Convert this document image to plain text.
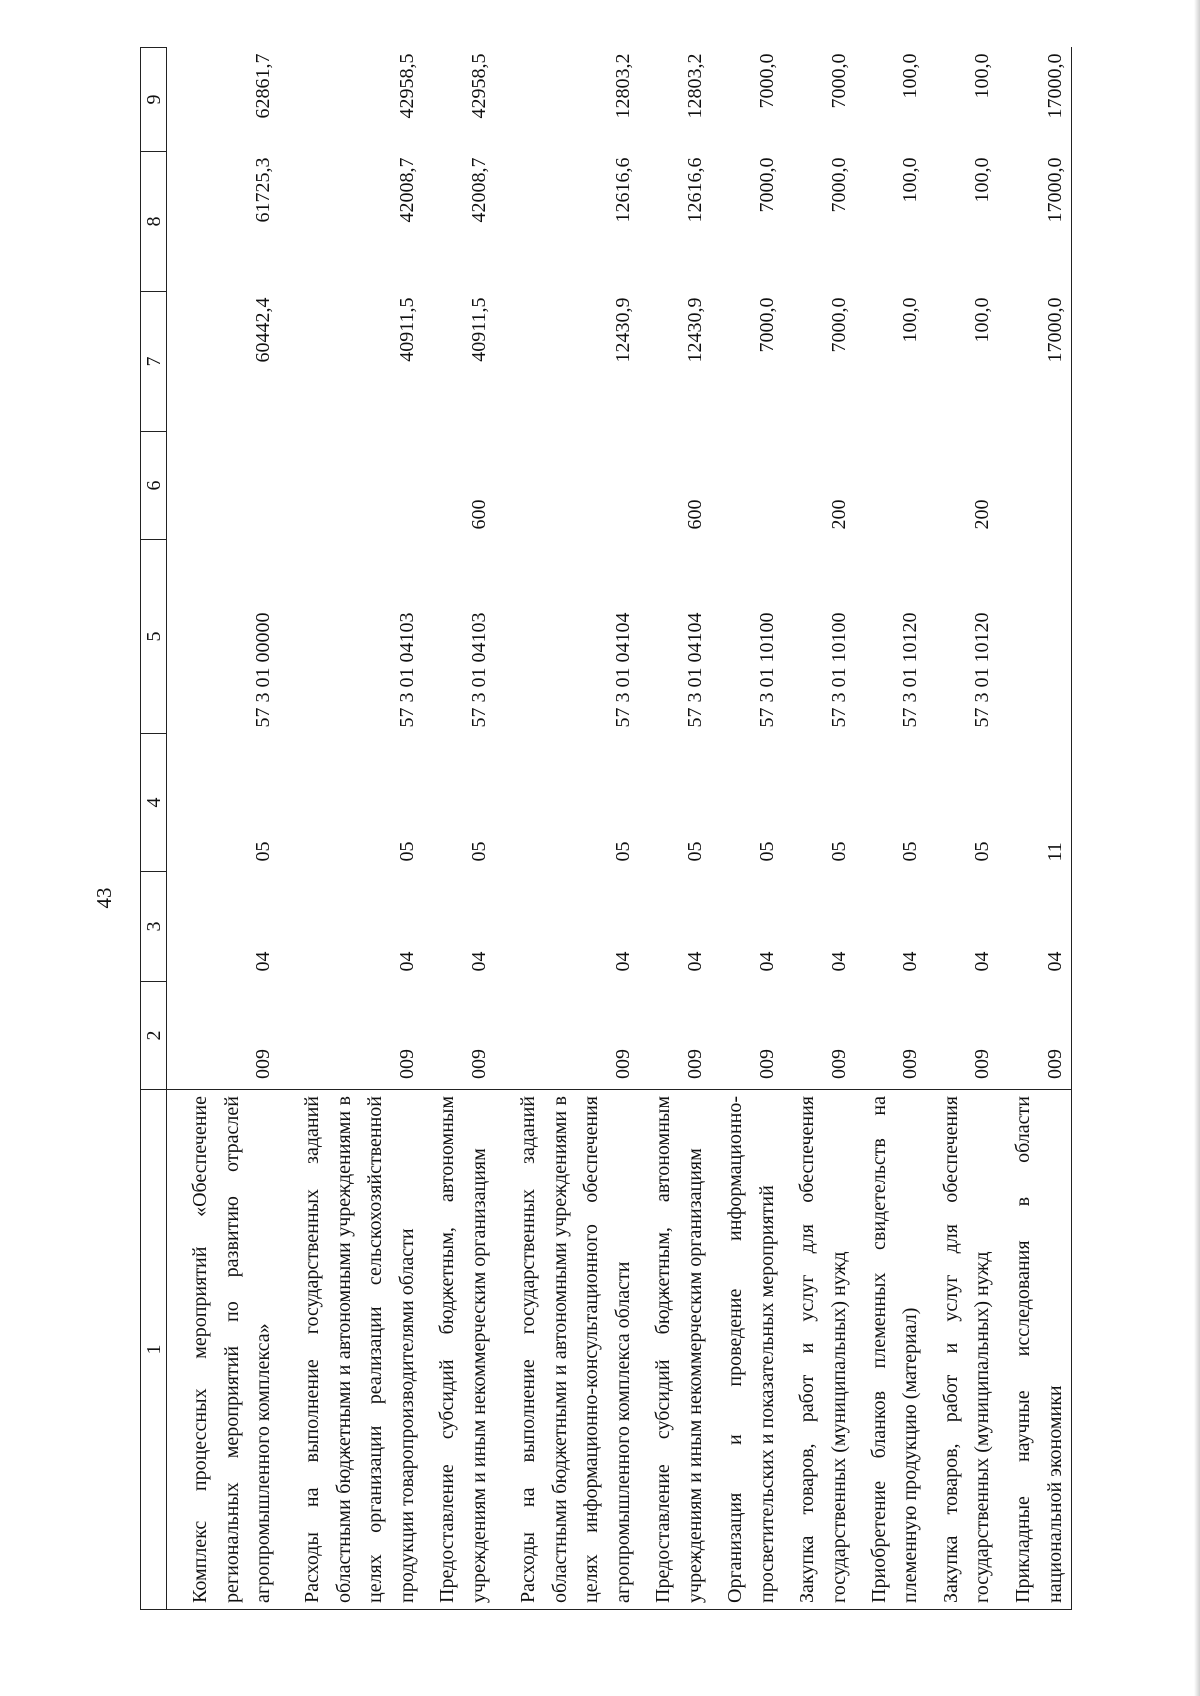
43
1	2	3	4	5	6	7	8	9
Комплекс процессных мероприятий «Обеспечение региональных мероприятий по развитию отраслей агропромышленного комплекса»	009	04	05	57 3 01 00000		60442,4	61725,3	62861,7
Расходы на выполнение государственных заданий областными бюджетными и автономными учреждениями в целях организации реализации сельскохозяйственной продукции товаропроизводителями области	009	04	05	57 3 01 04103		40911,5	42008,7	42958,5
Предоставление субсидий бюджетным, автономным учреждениям и иным некоммерческим организациям	009	04	05	57 3 01 04103	600	40911,5	42008,7	42958,5
Расходы на выполнение государственных заданий областными бюджетными и автономными учреждениями в целях информационно-консультационного обеспечения агропромышленного комплекса области	009	04	05	57 3 01 04104		12430,9	12616,6	12803,2
Предоставление субсидий бюджетным, автономным учреждениям и иным некоммерческим организациям	009	04	05	57 3 01 04104	600	12430,9	12616,6	12803,2
Организация и проведение информационно-просветительских и показательных мероприятий	009	04	05	57 3 01 10100		7000,0	7000,0	7000,0
Закупка товаров, работ и услуг для обеспечения государственных (муниципальных) нужд	009	04	05	57 3 01 10100	200	7000,0	7000,0	7000,0
Приобретение бланков племенных свидетельств на племенную продукцию (материал)	009	04	05	57 3 01 10120		100,0	100,0	100,0
Закупка товаров, работ и услуг для обеспечения государственных (муниципальных) нужд	009	04	05	57 3 01 10120	200	100,0	100,0	100,0
Прикладные научные исследования в области национальной экономики	009	04	11			17000,0	17000,0	17000,0
